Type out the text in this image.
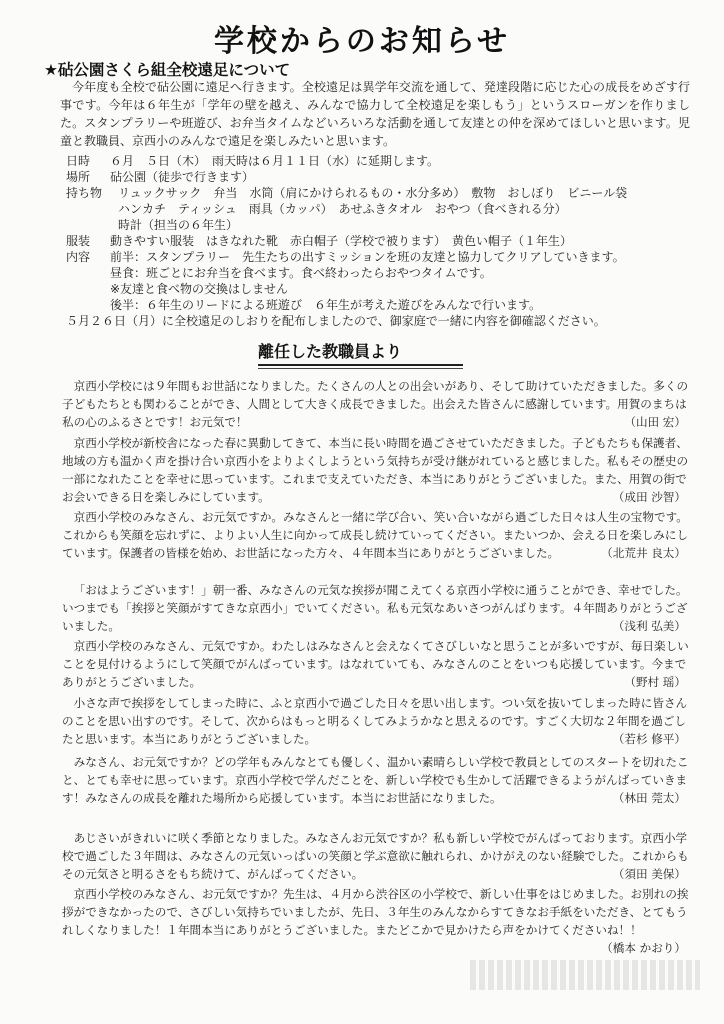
学校からのお知らせ
★砧公園さくら組全校遠足について

今年度も全校で砧公園に遠足へ行きます。全校遠足は異学年交流を通して、発達段階に応じた心の成長をめざす行事です。今年は６年生が「学年の壁を越え、みんなで協力して全校遠足を楽しもう」というスローガンを作りました。スタンプラリーや班遊び、お弁当タイムなどいろいろな活動を通して友達との仲を深めてほしいと思います。児童と教職員、京西小のみんなで遠足を楽しみたいと思います。

日時 ６月　５日（木）　雨天時は６月１１日（水）に延期します。
場所 砧公園（徒歩で行きます）
持ち物 リュックサック　弁当　水筒（肩にかけられるもの・水分多め）　敷物　おしぼり　ビニール袋
ハンカチ　ティッシュ　雨具（カッパ）　あせふきタオル　おやつ（食べきれる分）
時計（担当の６年生）
服装 動きやすい服装　はきなれた靴　赤白帽子（学校で被ります）　黄色い帽子（１年生）
内容 前半：スタンプラリー　先生たちの出すミッションを班の友達と協力してクリアしていきます。
昼食：班ごとにお弁当を食べます。食べ終わったらおやつタイムです。
※友達と食べ物の交換はしません
後半：６年生のリードによる班遊び　６年生が考えた遊びをみんなで行います。
５月２６日（月）に全校遠足のしおりを配布しましたので、御家庭で一緒に内容を御確認ください。
離任した教職員より

京西小学校には９年間もお世話になりました。たくさんの人との出会いがあり、そして助けていただきました。多くの子どもたちとも関わることができ、人間として大きく成長できました。出会えた皆さんに感謝しています。用賀のまちは私の心のふるさとです！お元気で！	（山田 宏）

京西小学校が新校舎になった春に異動してきて、本当に長い時間を過ごさせていただきました。子どもたちも保護者、地域の方も温かく声を掛け合い京西小をよりよくしようという気持ちが受け継がれていると感じました。私もその歴史の一部になれたことを幸せに思っています。これまで支えていただき、本当にありがとうございました。また、用賀の街でお会いできる日を楽しみにしています。	（成田 沙智）

京西小学校のみなさん、お元気ですか。みなさんと一緒に学び合い、笑い合いながら過ごした日々は人生の宝物です。これからも笑顔を忘れずに、よりよい人生に向かって成長し続けていってください。またいつか、会える日を楽しみにしています。保護者の皆様を始め、お世話になった方々、４年間本当にありがとうございました。	（北荒井 良太）

「おはようございます！」朝一番、みなさんの元気な挨拶が聞こえてくる京西小学校に通うことができ、幸せでした。いつまでも「挨拶と笑顔がすてきな京西小」でいてください。私も元気なあいさつがんばります。４年間ありがとうございました。	（浅利 弘美）

京西小学校のみなさん、元気ですか。わたしはみなさんと会えなくてさびしいなと思うことが多いですが、毎日楽しいことを見付けるようにして笑顔でがんばっています。はなれていても、みなさんのことをいつも応援しています。今までありがとうございました。	（野村 瑶）

小さな声で挨拶をしてしまった時に、ふと京西小で過ごした日々を思い出します。つい気を抜いてしまった時に皆さんのことを思い出すのです。そして、次からはもっと明るくしてみようかなと思えるのです。すごく大切な２年間を過ごしたと思います。本当にありがとうございました。	（若杉 修平）

みなさん、お元気ですか？どの学年もみんなとても優しく、温かい素晴らしい学校で教員としてのスタートを切れたこと、とても幸せに思っています。京西小学校で学んだことを、新しい学校でも生かして活躍できるようがんばっていきます！みなさんの成長を離れた場所から応援しています。本当にお世話になりました。	（林田 莞太）

あじさいがきれいに咲く季節となりました。みなさんお元気ですか？私も新しい学校でがんばっております。京西小学校で過ごした３年間は、みなさんの元気いっぱいの笑顔と学ぶ意欲に触れられ、かけがえのない経験でした。これからもその元気さと明るさをもち続けて、がんばってください。	（須田 美保）

京西小学校のみなさん、お元気ですか？先生は、４月から渋谷区の小学校で、新しい仕事をはじめました。お別れの挨拶ができなかったので、さびしい気持ちでいましたが、先日、３年生のみんなからすてきなお手紙をいただき、とてもうれしくなりました！１年間本当にありがとうございました。またどこかで見かけたら声をかけてくださいね！！
（橋本 かおり）
